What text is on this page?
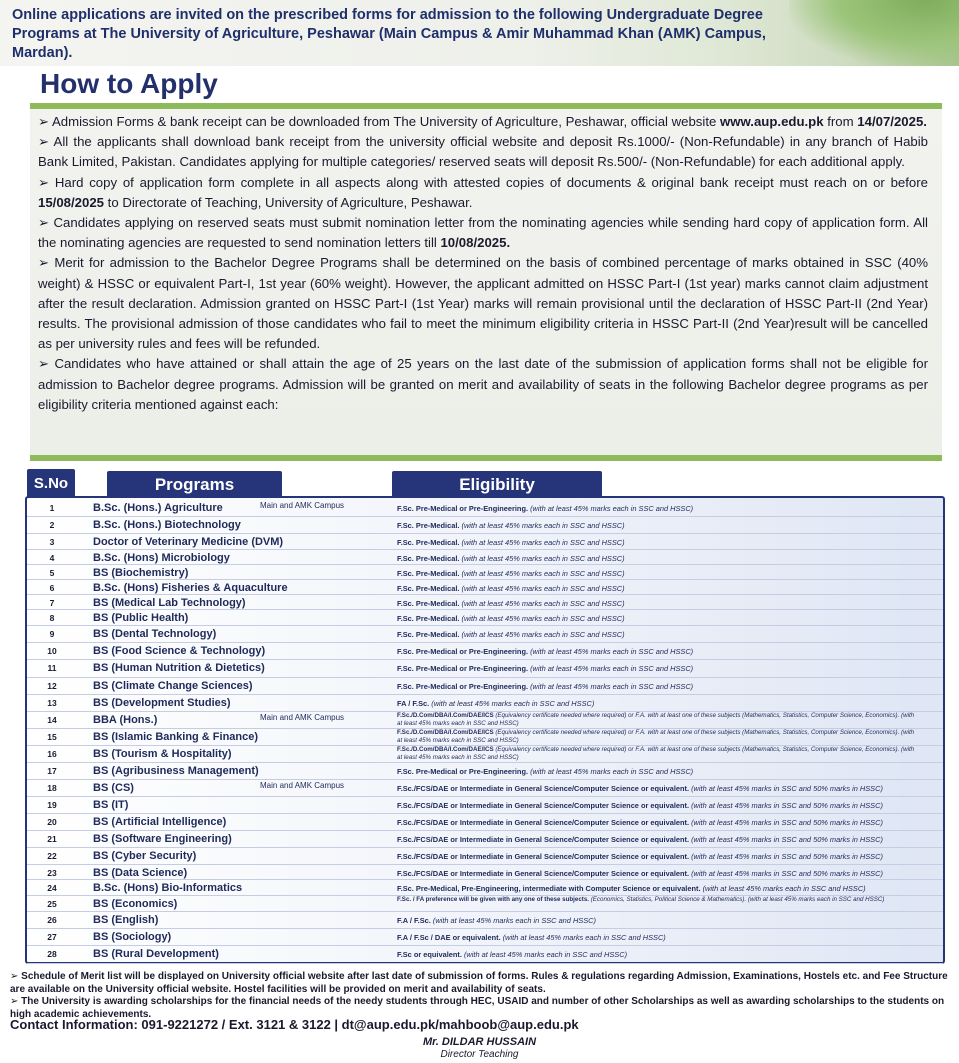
Online applications are invited on the prescribed forms for admission to the following Undergraduate Degree Programs at The University of Agriculture, Peshawar (Main Campus & Amir Muhammad Khan (AMK) Campus, Mardan).
How to Apply

➢ Admission Forms & bank receipt can be downloaded from The University of Agriculture, Peshawar, official website www.aup.edu.pk from 14/07/2025.

➢ All the applicants shall download bank receipt from the university official website and deposit Rs.1000/- (Non-Refundable) in any branch of Habib Bank Limited, Pakistan. Candidates applying for multiple categories/ reserved seats will deposit Rs.500/- (Non-Refundable) for each additional apply.

➢ Hard copy of application form complete in all aspects along with attested copies of documents & original bank receipt must reach on or before 15/08/2025 to Directorate of Teaching, University of Agriculture, Peshawar.

➢ Candidates applying on reserved seats must submit nomination letter from the nominating agencies while sending hard copy of application form. All the nominating agencies are requested to send nomination letters till 10/08/2025.

➢ Merit for admission to the Bachelor Degree Programs shall be determined on the basis of combined percentage of marks obtained in SSC (40% weight) & HSSC or equivalent Part-I, 1st year (60% weight). However, the applicant admitted on HSSC Part-I (1st year) marks cannot claim adjustment after the result declaration. Admission granted on HSSC Part-I (1st Year) marks will remain provisional until the declaration of HSSC Part-II (2nd Year) results. The provisional admission of those candidates who fail to meet the minimum eligibility criteria in HSSC Part-II (2nd Year)result will be cancelled as per university rules and fees will be refunded.

➢ Candidates who have attained or shall attain the age of 25 years on the last date of the submission of application forms shall not be eligible for admission to Bachelor degree programs. Admission will be granted on merit and availability of seats in the following Bachelor degree programs as per eligibility criteria mentioned against each:

1	B.Sc. (Hons.) Agriculture	Main and AMK Campus	F.Sc. Pre-Medical or Pre-Engineering. (with at least 45% marks each in SSC and HSSC)
2	B.Sc. (Hons.) Biotechnology	F.Sc. Pre-Medical. (with at least 45% marks each in SSC and HSSC)
3	Doctor of Veterinary Medicine (DVM)	F.Sc. Pre-Medical. (with at least 45% marks each in SSC and HSSC)
4	B.Sc. (Hons) Microbiology	F.Sc. Pre-Medical. (with at least 45% marks each in SSC and HSSC)
5	BS (Biochemistry)	F.Sc. Pre-Medical. (with at least 45% marks each in SSC and HSSC)
6	B.Sc. (Hons) Fisheries & Aquaculture	F.Sc. Pre-Medical. (with at least 45% marks each in SSC and HSSC)
7	BS (Medical Lab Technology)	F.Sc. Pre-Medical. (with at least 45% marks each in SSC and HSSC)
8	BS (Public Health)	F.Sc. Pre-Medical. (with at least 45% marks each in SSC and HSSC)
9	BS (Dental Technology)	F.Sc. Pre-Medical. (with at least 45% marks each in SSC and HSSC)
10	BS (Food Science & Technology)	F.Sc. Pre-Medical or Pre-Engineering. (with at least 45% marks each in SSC and HSSC)
11	BS (Human Nutrition & Dietetics)	F.Sc. Pre-Medical or Pre-Engineering. (with at least 45% marks each in SSC and HSSC)
12	BS (Climate Change Sciences)	F.Sc. Pre-Medical or Pre-Engineering. (with at least 45% marks each in SSC and HSSC)
13	BS (Development Studies)	FA / F.Sc. (with at least 45% marks each in SSC and HSSC)
14	BBA (Hons.)	Main and AMK Campus	F.Sc./D.Com/DBA/I.Com/DAE/ICS (Equivalency certificate needed where required) or F.A. with at least one of these subjects (Mathematics, Statistics, Computer Science, Economics). (with at least 45% marks each in SSC and HSSC)
15	BS (Islamic Banking & Finance)	F.Sc./D.Com/DBA/I.Com/DAE/ICS (Equivalency certificate needed where required) or F.A. with at least one of these subjects (Mathematics, Statistics, Computer Science, Economics). (with at least 45% marks each in SSC and HSSC)
16	BS (Tourism & Hospitality)	F.Sc./D.Com/DBA/I.Com/DAE/ICS (Equivalency certificate needed where required) or F.A. with at least one of these subjects (Mathematics, Statistics, Computer Science, Economics). (with at least 45% marks each in SSC and HSSC)
17	BS (Agribusiness Management)	F.Sc. Pre-Medical or Pre-Engineering. (with at least 45% marks each in SSC and HSSC)
18	BS (CS)	Main and AMK Campus	F.Sc./FCS/DAE or Intermediate in General Science/Computer Science or equivalent. (with at least 45% marks in SSC and 50% marks in HSSC)
19	BS (IT)	F.Sc./FCS/DAE or Intermediate in General Science/Computer Science or equivalent. (with at least 45% marks in SSC and 50% marks in HSSC)
20	BS (Artificial Intelligence)	F.Sc./FCS/DAE or Intermediate in General Science/Computer Science or equivalent. (with at least 45% marks in SSC and 50% marks in HSSC)
21	BS (Software Engineering)	F.Sc./FCS/DAE or Intermediate in General Science/Computer Science or equivalent. (with at least 45% marks in SSC and 50% marks in HSSC)
22	BS (Cyber Security)	F.Sc./FCS/DAE or Intermediate in General Science/Computer Science or equivalent. (with at least 45% marks in SSC and 50% marks in HSSC)
23	BS (Data Science)	F.Sc./FCS/DAE or Intermediate in General Science/Computer Science or equivalent. (with at least 45% marks in SSC and 50% marks in HSSC)
24	B.Sc. (Hons) Bio-Informatics	F.Sc. Pre-Medical, Pre-Engineering, intermediate with Computer Science or equivalent. (with at least 45% marks each in SSC and HSSC)
25	BS (Economics)	F.Sc. / FA preference will be given with any one of these subjects. (Economics, Statistics, Political Science & Mathematics). (with at least 45% marks each in SSC and HSSC)
26	BS (English)	F.A / F.Sc. (with at least 45% marks each in SSC and HSSC)
27	BS (Sociology)	F.A / F.Sc / DAE or equivalent. (with at least 45% marks each in SSC and HSSC)
28	BS (Rural Development)	F.Sc or equivalent. (with at least 45% marks each in SSC and HSSC)
S.No	Programs	Eligibility
➢ Schedule of Merit list will be displayed on University official website after last date of submission of forms. Rules & regulations regarding Admission, Examinations, Hostels etc. and Fee Structure are available on the University official website. Hostel facilities will be provided on merit and availability of seats.
➢ The University is awarding scholarships for the financial needs of the needy students through HEC, USAID and number of other Scholarships as well as awarding scholarships to the students on high academic achievements.
Contact Information: 091-9221272 / Ext. 3121 & 3122 | dt@aup.edu.pk/mahboob@aup.edu.pk
Mr. DILDAR HUSSAIN
Director Teaching
